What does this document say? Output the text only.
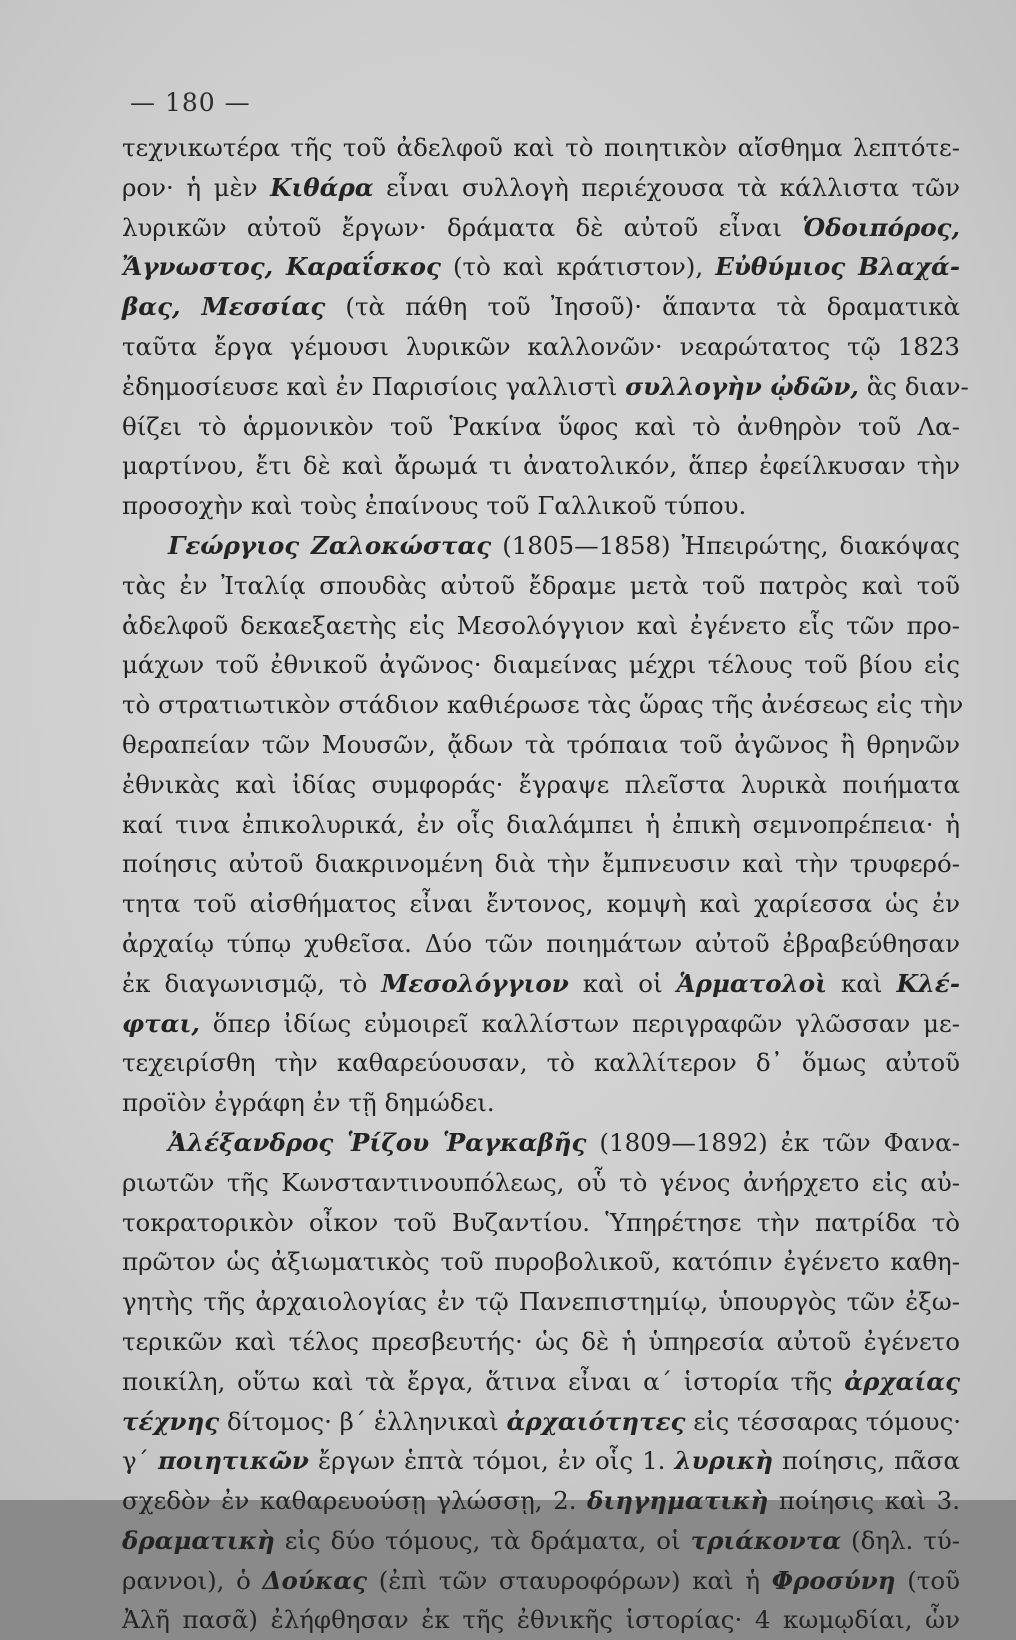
— 180 —
τεχνικωτέρα τῆς τοῦ ἀδελφοῦ καὶ τὸ ποιητικὸν αἴσθημα λεπτότε-
ρον· ἡ μὲν Κιθάρα εἶναι συλλογὴ περιέχουσα τὰ κάλλιστα τῶν
λυρικῶν αὐτοῦ ἔργων· δράματα δὲ αὐτοῦ εἶναι Ὁδοιπόρος,
Ἄγνωστος, Καραΐσκος (τὸ καὶ κράτιστον), Εὐθύμιος Βλαχά-
βας, Μεσσίας (τὰ πάθη τοῦ Ἰησοῦ)· ἅπαντα τὰ δραματικὰ
ταῦτα ἔργα γέμουσι λυρικῶν καλλονῶν· νεαρώτατος τῷ 1823
ἐδημοσίευσε καὶ ἐν Παρισίοις γαλλιστὶ συλλογὴν ᾠδῶν, ἃς διαν-
θίζει τὸ ἁρμονικὸν τοῦ Ῥακίνα ὕφος καὶ τὸ ἀνθηρὸν τοῦ Λα-
μαρτίνου, ἔτι δὲ καὶ ἄρωμά τι ἀνατολικόν, ἅπερ ἐφείλκυσαν τὴν
προσοχὴν καὶ τοὺς ἐπαίνους τοῦ Γαλλικοῦ τύπου.
Γεώργιος Ζαλοκώστας (1805—1858) Ἠπειρώτης, διακόψας
τὰς ἐν Ἰταλίᾳ σπουδὰς αὐτοῦ ἔδραμε μετὰ τοῦ πατρὸς καὶ τοῦ
ἀδελφοῦ δεκαεξαετὴς εἰς Μεσολόγγιον καὶ ἐγένετο εἷς τῶν προ-
μάχων τοῦ ἐθνικοῦ ἀγῶνος· διαμείνας μέχρι τέλους τοῦ βίου εἰς
τὸ στρατιωτικὸν στάδιον καθιέρωσε τὰς ὥρας τῆς ἀνέσεως εἰς τὴν
θεραπείαν τῶν Μουσῶν, ᾄδων τὰ τρόπαια τοῦ ἀγῶνος ἢ θρηνῶν
ἐθνικὰς καὶ ἰδίας συμφοράς· ἔγραψε πλεῖστα λυρικὰ ποιήματα
καί τινα ἐπικολυρικά, ἐν οἷς διαλάμπει ἡ ἐπικὴ σεμνοπρέπεια· ἡ
ποίησις αὐτοῦ διακρινομένη διὰ τὴν ἔμπνευσιν καὶ τὴν τρυφερό-
τητα τοῦ αἰσθήματος εἶναι ἔντονος, κομψὴ καὶ χαρίεσσα ὡς ἐν
ἀρχαίῳ τύπῳ χυθεῖσα. Δύο τῶν ποιημάτων αὐτοῦ ἐβραβεύθησαν
ἐκ διαγωνισμῷ, τὸ Μεσολόγγιον καὶ οἱ Ἁρματολοὶ καὶ Κλέ-
φται, ὅπερ ἰδίως εὐμοιρεῖ καλλίστων περιγραφῶν γλῶσσαν με-
τεχειρίσθη τὴν καθαρεύουσαν, τὸ καλλίτερον δ᾽ ὅμως αὐτοῦ
προϊὸν ἐγράφη ἐν τῇ δημώδει.
Ἀλέξανδρος Ῥίζου Ῥαγκαβῆς (1809—1892) ἐκ τῶν Φανα-
ριωτῶν τῆς Κωνσταντινουπόλεως, οὗ τὸ γένος ἀνήρχετο εἰς αὐ-
τοκρατορικὸν οἶκον τοῦ Βυζαντίου. Ὑπηρέτησε τὴν πατρίδα τὸ
πρῶτον ὡς ἀξιωματικὸς τοῦ πυροβολικοῦ, κατόπιν ἐγένετο καθη-
γητὴς τῆς ἀρχαιολογίας ἐν τῷ Πανεπιστημίῳ, ὑπουργὸς τῶν ἐξω-
τερικῶν καὶ τέλος πρεσβευτής· ὡς δὲ ἡ ὑπηρεσία αὐτοῦ ἐγένετο
ποικίλη, οὕτω καὶ τὰ ἔργα, ἅτινα εἶναι α΄ ἱστορία τῆς ἀρχαίας
τέχνης δίτομος· β΄ ἑλληνικαὶ ἀρχαιότητες εἰς τέσσαρας τόμους·
γ΄ ποιητικῶν ἔργων ἑπτὰ τόμοι, ἐν οἷς 1. λυρικὴ ποίησις, πᾶσα
σχεδὸν ἐν καθαρευούσῃ γλώσσῃ, 2. διηγηματικὴ ποίησις καὶ 3.
δραματικὴ εἰς δύο τόμους, τὰ δράματα, οἱ τριάκοντα (δηλ. τύ-
ραννοι), ὁ Δούκας (ἐπὶ τῶν σταυροφόρων) καὶ ἡ Φροσύνη (τοῦ
Ἀλῆ πασᾶ) ἐλήφθησαν ἐκ τῆς ἐθνικῆς ἱστορίας· 4 κωμῳδίαι, ὧν
